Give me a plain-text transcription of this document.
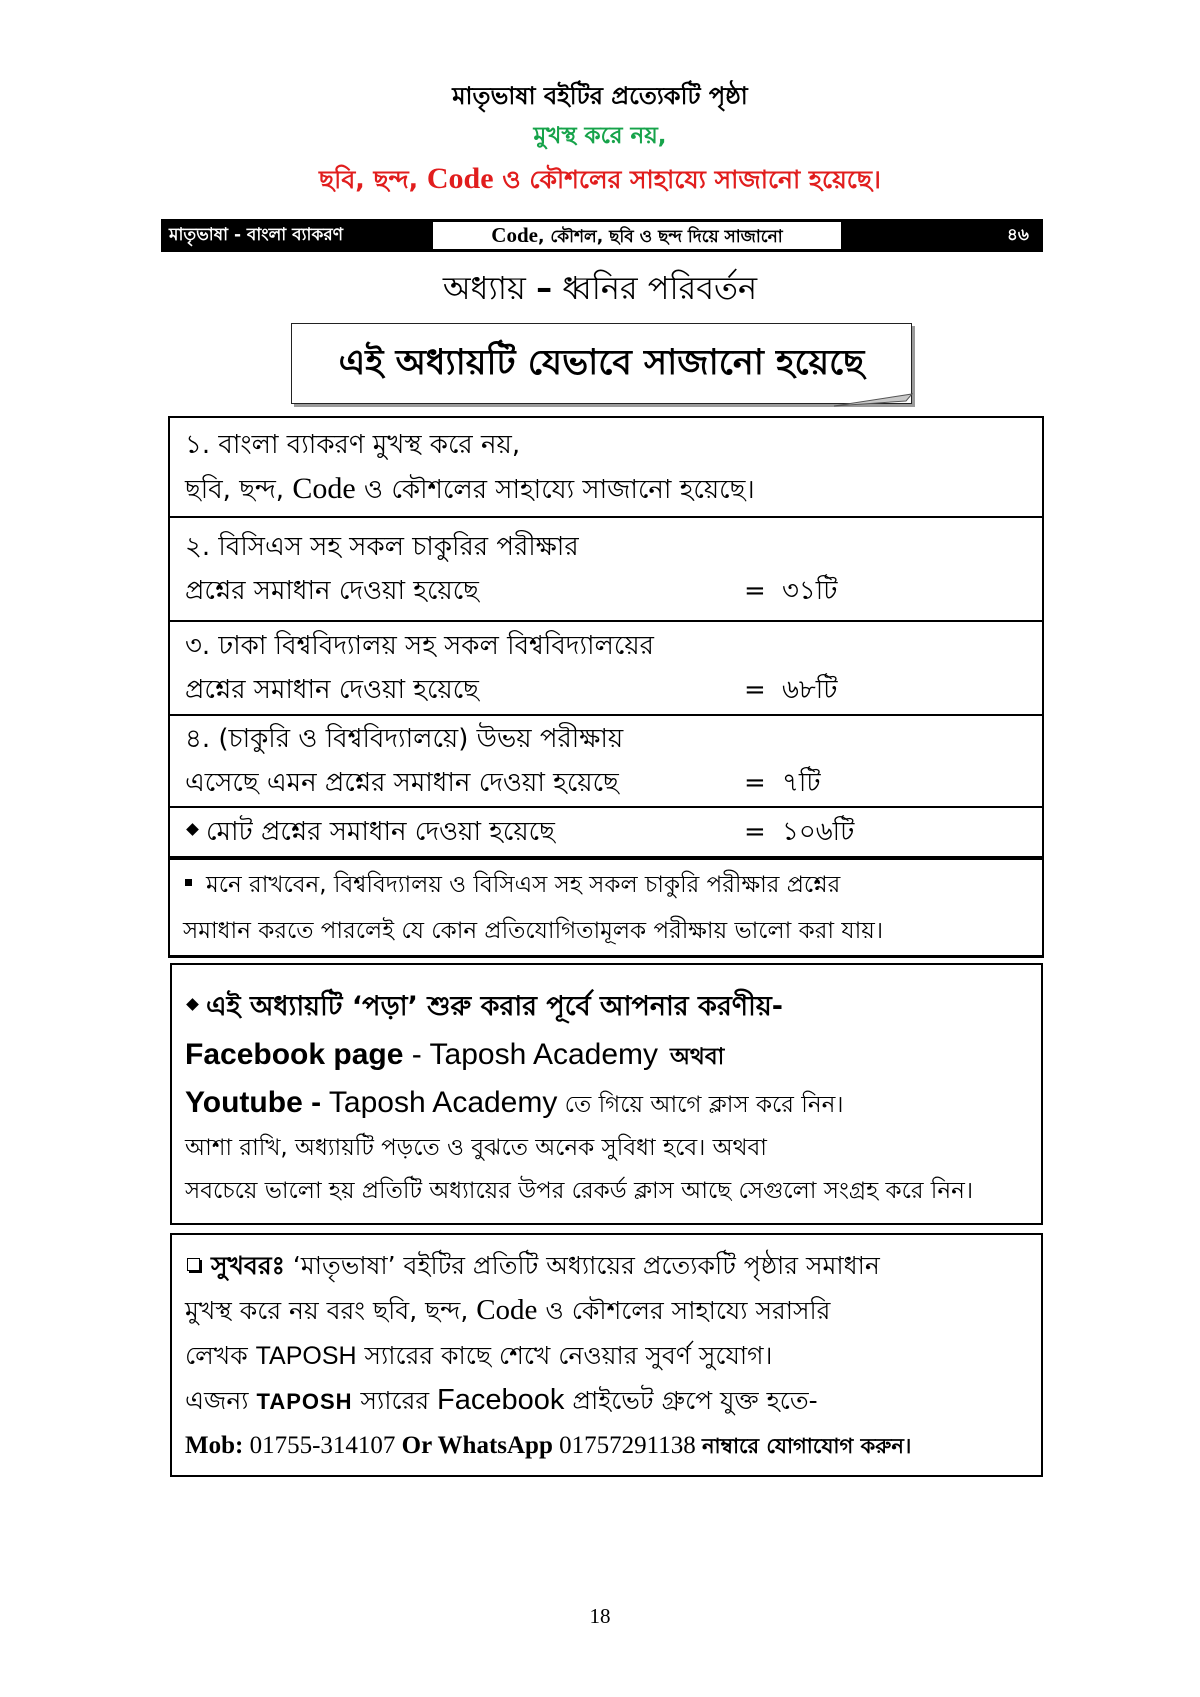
মাতৃভাষা বইটির প্রত্যেকটি পৃষ্ঠা
মুখস্থ করে নয়,
ছবি, ছন্দ, Code ও কৌশলের সাহায্যে সাজানো হয়েছে।
মাতৃভাষা - বাংলা ব্যাকরণ	Code, কৌশল, ছবি ও ছন্দ দিয়ে সাজানো	৪৬
অধ্যায় – ধ্বনির পরিবর্তন
এই অধ্যায়টি যেভাবে সাজানো হয়েছে
১. বাংলা ব্যাকরণ মুখস্থ করে নয়,
ছবি, ছন্দ, Code ও কৌশলের সাহায্যে সাজানো হয়েছে।
২. বিসিএস সহ সকল চাকুরির পরীক্ষার
প্রশ্নের সমাধান দেওয়া হয়েছে	= ৩১টি
৩. ঢাকা বিশ্ববিদ্যালয় সহ সকল বিশ্ববিদ্যালয়ের
প্রশ্নের সমাধান দেওয়া হয়েছে	= ৬৮টি
৪. (চাকুরি ও বিশ্ববিদ্যালয়ে) উভয় পরীক্ষায়
এসেছে এমন প্রশ্নের সমাধান দেওয়া হয়েছে	= ৭টি
মোট প্রশ্নের সমাধান দেওয়া হয়েছে	= ১০৬টি
মনে রাখবেন, বিশ্ববিদ্যালয় ও বিসিএস সহ সকল চাকুরি পরীক্ষার প্রশ্নের
সমাধান করতে পারলেই যে কোন প্রতিযোগিতামূলক পরীক্ষায় ভালো করা যায়।
এই অধ্যায়টি ‘পড়া’ শুরু করার পূর্বে আপনার করণীয়-
Facebook page - Taposh Academy অথবা
Youtube - Taposh Academy তে গিয়ে আগে ক্লাস করে নিন।
আশা রাখি, অধ্যায়টি পড়তে ও বুঝতে অনেক সুবিধা হবে। অথবা
সবচেয়ে ভালো হয় প্রতিটি অধ্যায়ের উপর রেকর্ড ক্লাস আছে সেগুলো সংগ্রহ করে নিন।
সুখবরঃ ‘মাতৃভাষা’ বইটির প্রতিটি অধ্যায়ের প্রত্যেকটি পৃষ্ঠার সমাধান
মুখস্থ করে নয় বরং ছবি, ছন্দ, Code ও কৌশলের সাহায্যে সরাসরি
লেখক TAPOSH স্যারের কাছে শেখে নেওয়ার সুবর্ণ সুযোগ।
এজন্য TAPOSH স্যারের Facebook প্রাইভেট গ্রুপে যুক্ত হতে-
Mob: 01755-314107 Or WhatsApp 01757291138 নাম্বারে যোগাযোগ করুন।
18
